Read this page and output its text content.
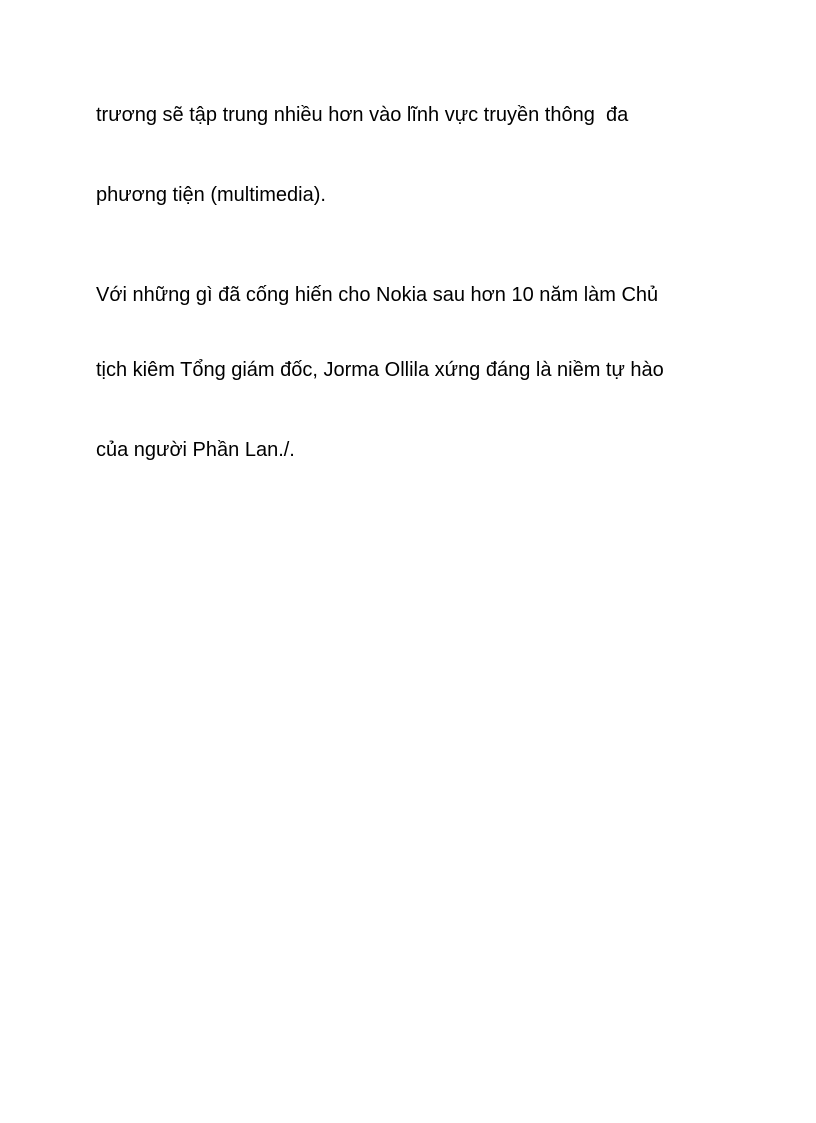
trương sẽ tập trung nhiều hơn vào lĩnh vực truyền thông  đa

phương tiện (multimedia).

Với những gì đã cống hiến cho Nokia sau hơn 10 năm làm Chủ

tịch kiêm Tổng giám đốc, Jorma Ollila xứng đáng là niềm tự hào

của người Phần Lan./.
